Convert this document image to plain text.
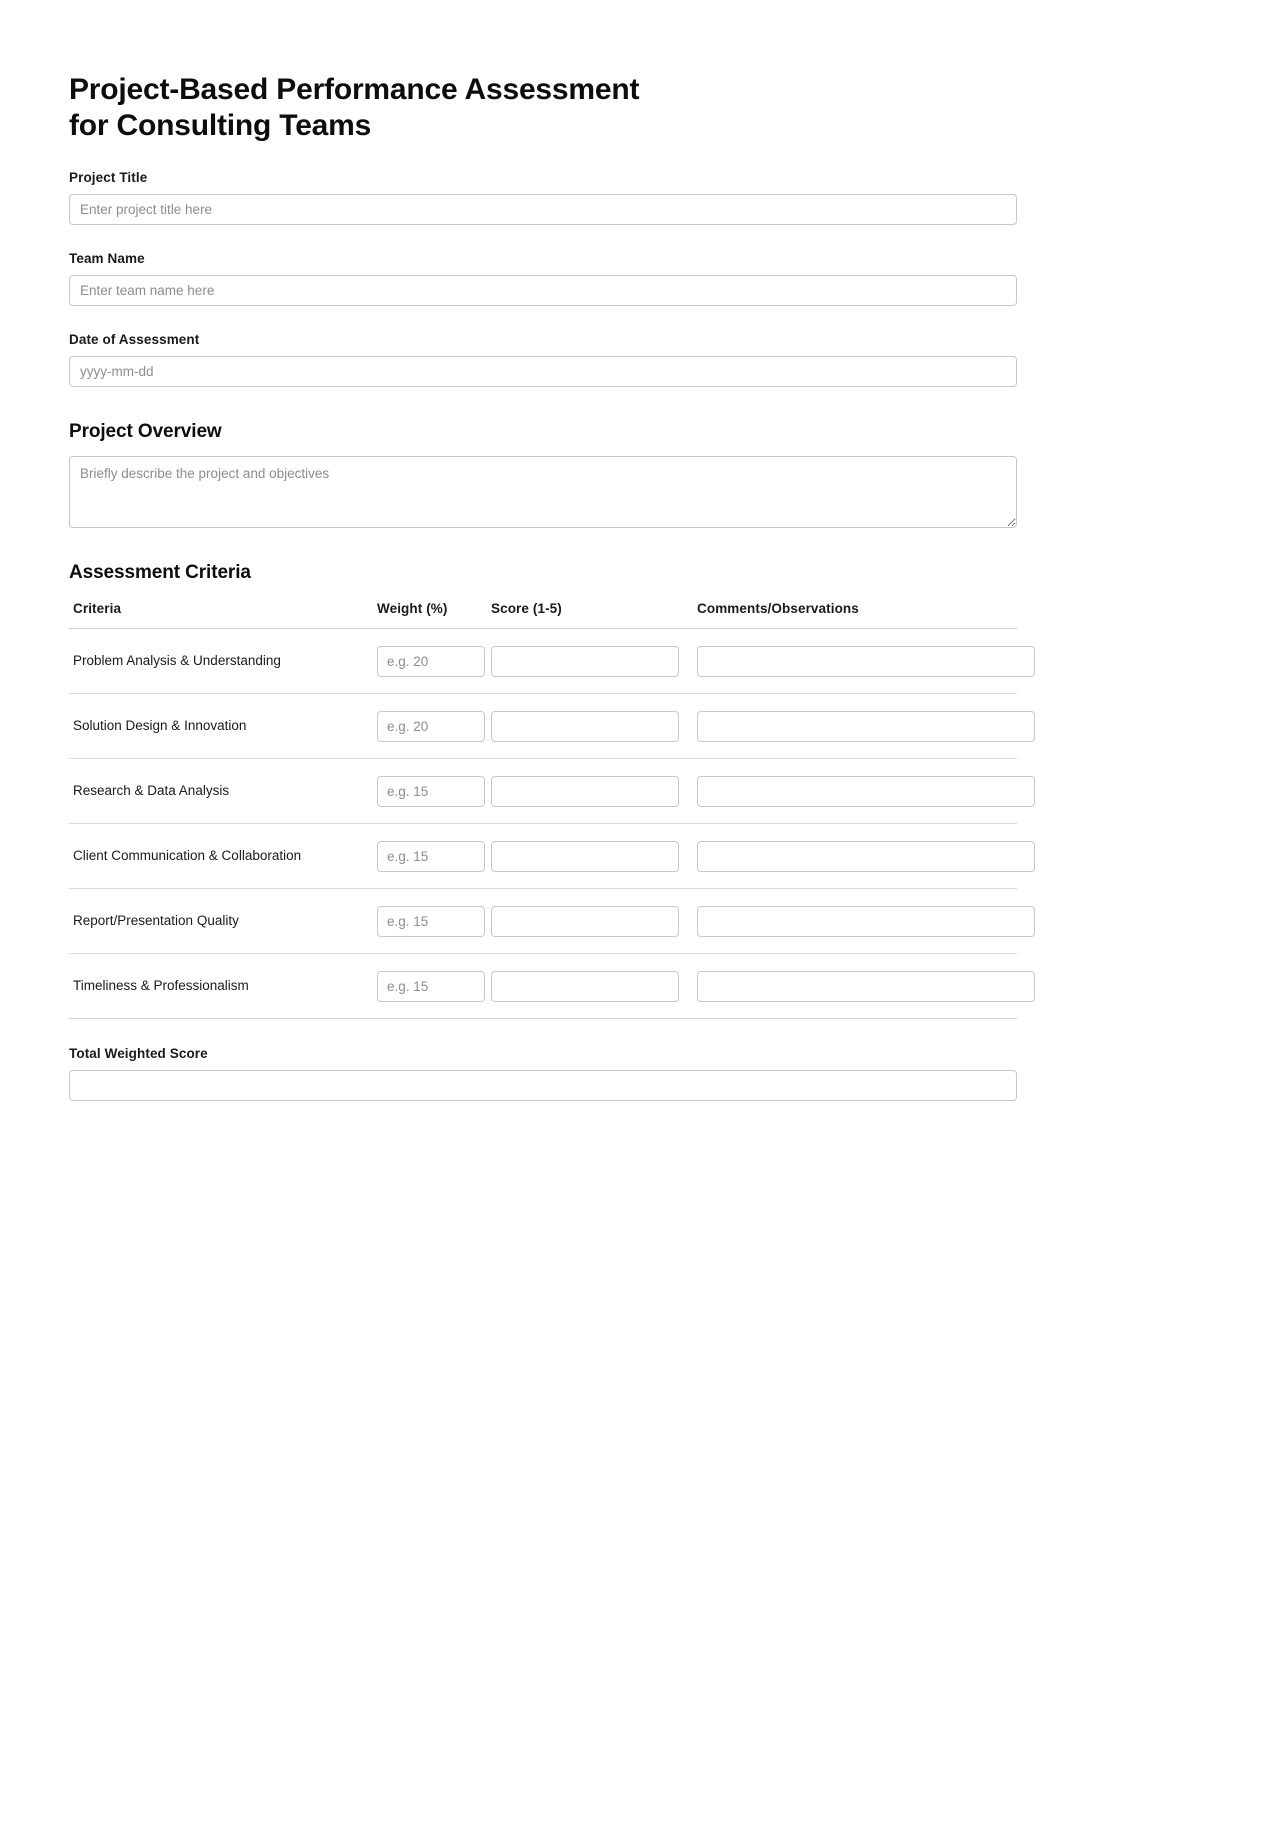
Project-Based Performance Assessment
for Consulting Teams
Project Title
Enter project title here
Team Name
Enter team name here
Date of Assessment
yyyy-mm-dd
Project Overview
Briefly describe the project and objectives
Assessment Criteria
Criteria	Weight (%)	Score (1-5)	Comments/Observations
Problem Analysis & Understanding	e.g. 20		
Solution Design & Innovation	e.g. 20		
Research & Data Analysis	e.g. 15		
Client Communication & Collaboration	e.g. 15		
Report/Presentation Quality	e.g. 15		
Timeliness & Professionalism	e.g. 15		
Total Weighted Score
